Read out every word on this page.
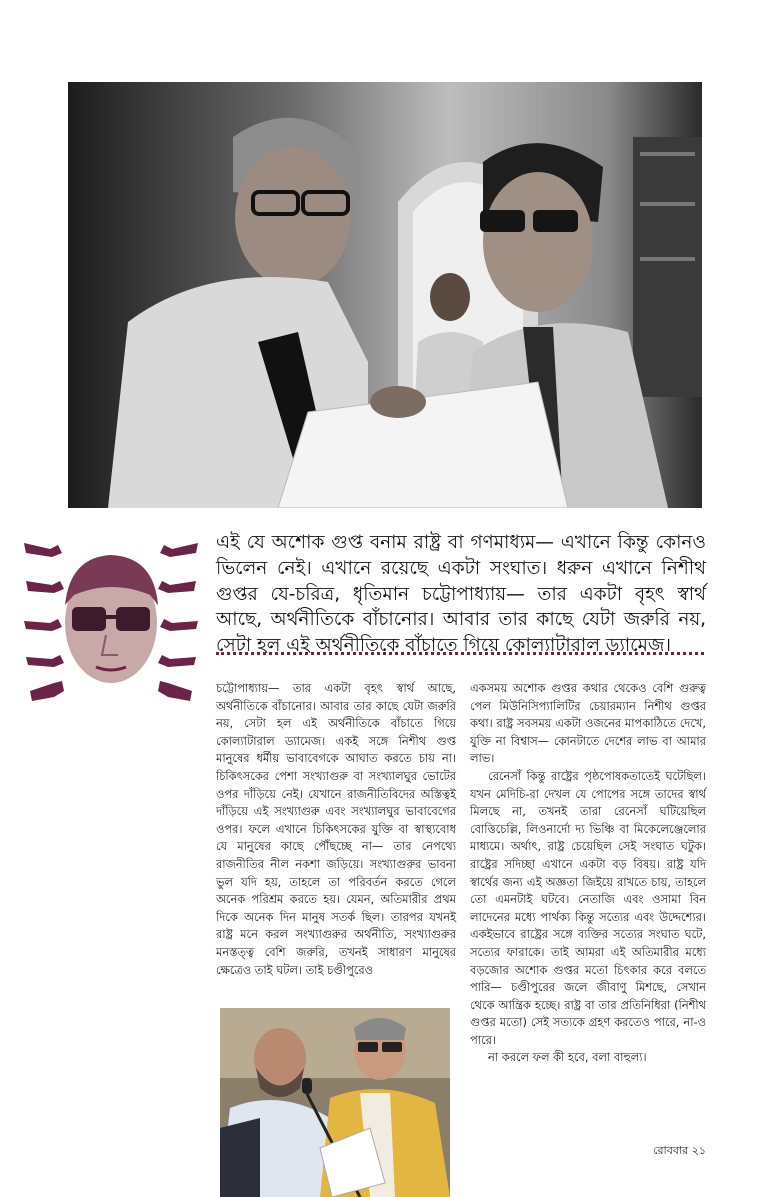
এই যে অশোক গুপ্ত বনাম রাষ্ট্র বা গণমাধ্যম— এখানে কিন্তু কোনও ভিলেন নেই। এখানে রয়েছে একটা সংঘাত। ধরুন এখানে নিশীথ গুপ্তর যে-চরিত্র, ধৃতিমান চট্টোপাধ্যায়— তার একটা বৃহৎ স্বার্থ আছে, অর্থনীতিকে বাঁচানোর। আবার তার কাছে যেটা জরুরি নয়, সেটা হল এই অর্থনীতিকে বাঁচাতে গিয়ে কোল্যাটারাল ড্যামেজ।

চট্টোপাধ্যায়— তার একটা বৃহৎ স্বার্থ আছে, অর্থনীতিকে বাঁচানোর। আবার তার কাছে যেটা জরুরি নয়, সেটা হল এই অর্থনীতিকে বাঁচাতে গিয়ে কোল্যাটারাল ড্যামেজ। একই সঙ্গে নিশীথ গুপ্ত মানুষের ধর্মীয় ভাবাবেগকে আঘাত করতে চায় না। চিকিৎসকের পেশা সংখ্যাগুরু বা সংখ্যালঘুর ভোটের ওপর দাঁড়িয়ে নেই। যেখানে রাজনীতিবিদের অস্তিত্বই দাঁড়িয়ে এই সংখ্যাগুরু এবং সংখ্যালঘুর ভাবাবেগের ওপর। ফলে এখানে চিকিৎসকের যুক্তি বা স্বাস্থ্যবোধ যে মানুষের কাছে পৌঁছচ্ছে না— তার নেপথ্যে রাজনীতির নীল নকশা জড়িয়ে। সংখ্যাগুরুর ভাবনা ভুল যদি হয়, তাহলে তা পরিবর্তন করতে গেলে অনেক পরিশ্রম করতে হয়। যেমন, অতিমারীর প্রথম দিকে অনেক দিন মানুষ সতর্ক ছিল। তারপর যখনই রাষ্ট্র মনে করল সংখ্যাগুরুর অর্থনীতি, সংখ্যাগুরুর মনস্তত্ত্ব বেশি জরুরি, তখনই সাধারণ মানুষের ক্ষেত্রেও তাই ঘটল। তাই চণ্ডীপুরেও

একসময় অশোক গুপ্তর কথার থেকেও বেশি গুরুত্ব পেল মিউনিসিপ্যালিটির চেয়ারম্যান নিশীথ গুপ্তর কথা। রাষ্ট্র সবসময় একটা ওজনের মাপকাঠিতে দেখে, যুক্তি না বিশ্বাস— কোনটাতে দেশের লাভ বা আমার লাভ।

রেনেসাঁ কিন্তু রাষ্ট্রের পৃষ্ঠপোষকতাতেই ঘটেছিল। যখন মেদিচি-রা দেখল যে পোপের সঙ্গে তাদের স্বার্থ মিলছে না, তখনই তারা রেনেসাঁ ঘটিয়েছিল বোত্তিচেল্লি, লিওনার্দো দ্য ভিঞ্চি বা মিকেলেঞ্জেলোর মাধ্যমে। অর্থাৎ, রাষ্ট্র চেয়েছিল সেই সংঘাত ঘটুক। রাষ্ট্রের সদিচ্ছা এখানে একটা বড় বিষয়। রাষ্ট্র যদি স্বার্থের জন্য এই অজ্ঞতা জিইয়ে রাখতে চায়, তাহলে তো এমনটাই ঘটবে। নেতাজি এবং ওসামা বিন লাদেনের মধ্যে পার্থক্য কিন্তু সত্যের এবং উদ্দেশ্যের। একইভাবে রাষ্ট্রের সঙ্গে ব্যক্তির সত্যের সংঘাত ঘটে, সত্যের ফারাকে। তাই আমরা এই অতিমারীর মধ্যে বড়জোর অশোক গুপ্তর মতো চিৎকার করে বলতে পারি— চণ্ডীপুরের জলে জীবাণু মিশছে, সেখান থেকে আন্ত্রিক হচ্ছে। রাষ্ট্র বা তার প্রতিনিধিরা (নিশীথ গুপ্তর মতো) সেই সত্যকে গ্রহণ করতেও পারে, না-ও পারে।

না করলে ফল কী হবে, বলা বাহুল্য।

রোববার ২১
